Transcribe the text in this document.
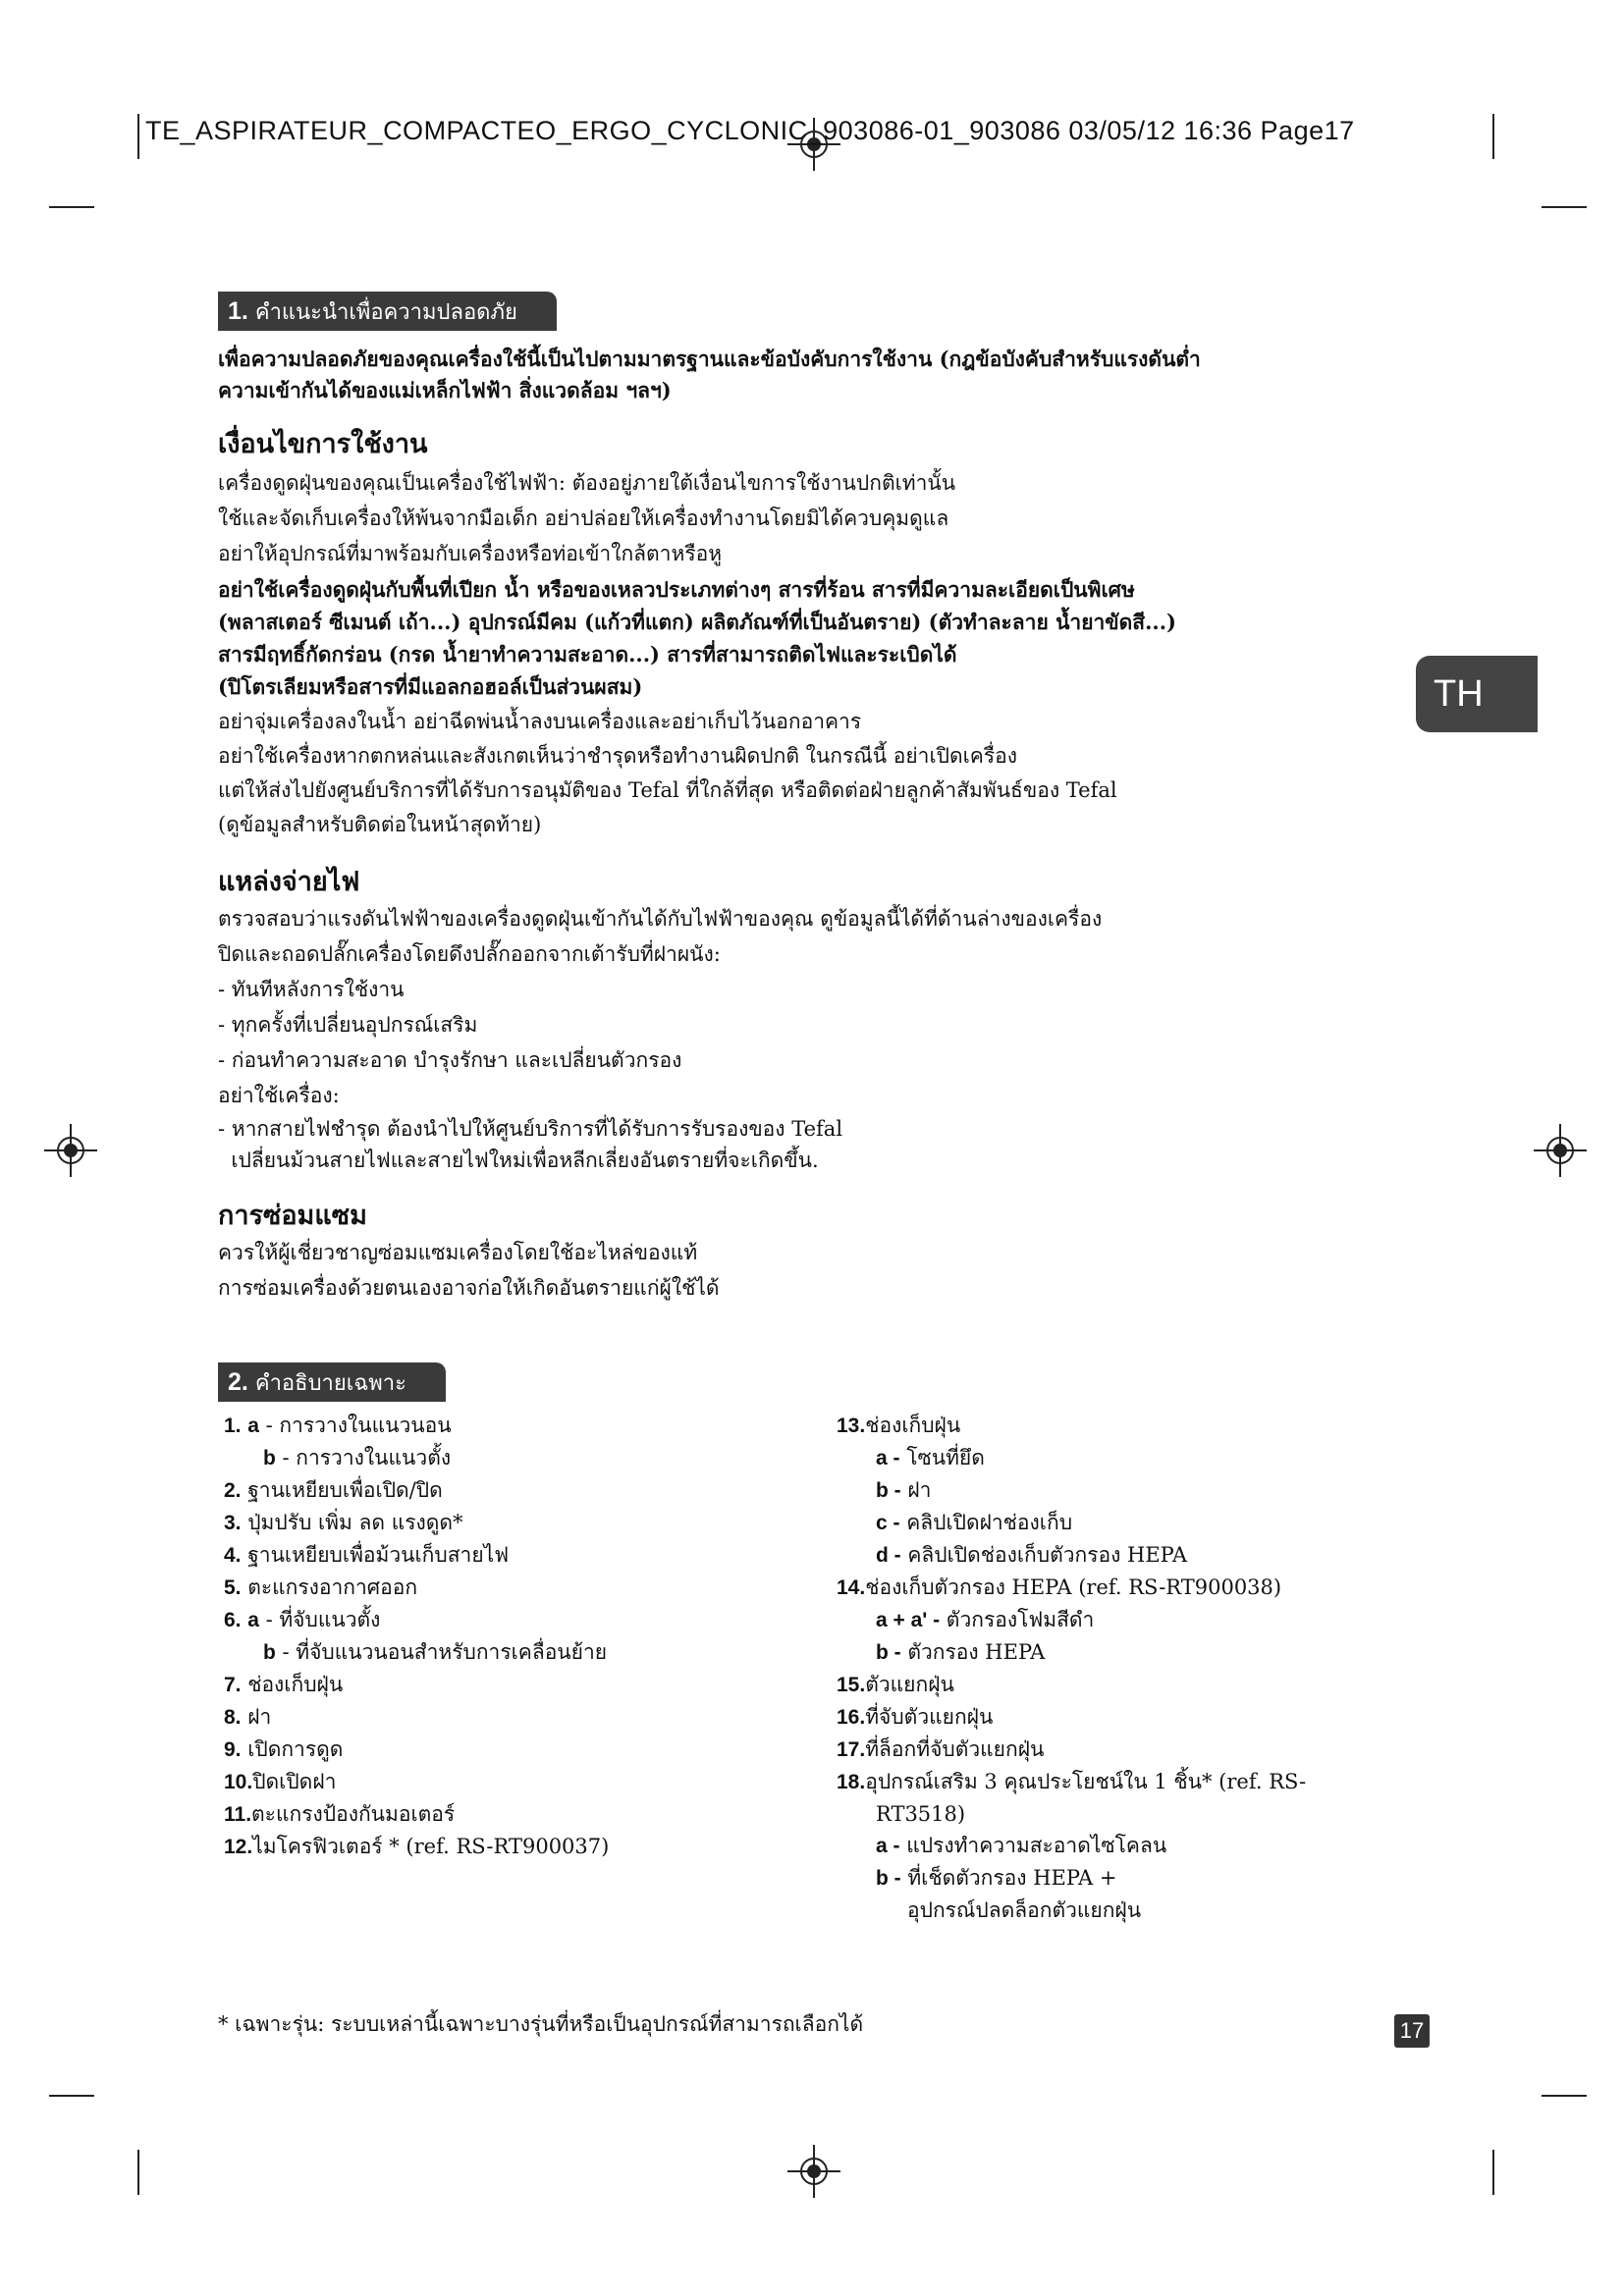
TE_ASPIRATEUR_COMPACTEO_ERGO_CYCLONIC_903086-01_903086 03/05/12 16:36 Page17
TH
1. คำแนะนำเพื่อความปลอดภัย

เพื่อความปลอดภัยของคุณเครื่องใช้นี้เป็นไปตามมาตรฐานและข้อบังคับการใช้งาน (กฎข้อบังคับสำหรับแรงดันต่ำ

ความเข้ากันได้ของแม่เหล็กไฟฟ้า สิ่งแวดล้อม ฯลฯ)

เงื่อนไขการใช้งาน

เครื่องดูดฝุ่นของคุณเป็นเครื่องใช้ไฟฟ้า: ต้องอยู่ภายใต้เงื่อนไขการใช้งานปกติเท่านั้น

ใช้และจัดเก็บเครื่องให้พ้นจากมือเด็ก อย่าปล่อยให้เครื่องทำงานโดยมิได้ควบคุมดูแล

อย่าให้อุปกรณ์ที่มาพร้อมกับเครื่องหรือท่อเข้าใกล้ตาหรือหู

อย่าใช้เครื่องดูดฝุ่นกับพื้นที่เปียก น้ำ หรือของเหลวประเภทต่างๆ สารที่ร้อน สารที่มีความละเอียดเป็นพิเศษ

(พลาสเตอร์ ซีเมนต์ เถ้า...) อุปกรณ์มีคม (แก้วที่แตก) ผลิตภัณฑ์ที่เป็นอันตราย) (ตัวทำละลาย น้ำยาขัดสี...)

สารมีฤทธิ์กัดกร่อน (กรด น้ำยาทำความสะอาด...) สารที่สามารถติดไฟและระเบิดได้

(ปิโตรเลียมหรือสารที่มีแอลกอฮอล์เป็นส่วนผสม)

อย่าจุ่มเครื่องลงในน้ำ อย่าฉีดพ่นน้ำลงบนเครื่องและอย่าเก็บไว้นอกอาคาร

อย่าใช้เครื่องหากตกหล่นและสังเกตเห็นว่าชำรุดหรือทำงานผิดปกติ ในกรณีนี้ อย่าเปิดเครื่อง

แต่ให้ส่งไปยังศูนย์บริการที่ได้รับการอนุมัติของ Tefal ที่ใกล้ที่สุด หรือติดต่อฝ่ายลูกค้าสัมพันธ์ของ Tefal

(ดูข้อมูลสำหรับติดต่อในหน้าสุดท้าย)

แหล่งจ่ายไฟ

ตรวจสอบว่าแรงดันไฟฟ้าของเครื่องดูดฝุ่นเข้ากันได้กับไฟฟ้าของคุณ ดูข้อมูลนี้ได้ที่ด้านล่างของเครื่อง

ปิดและถอดปลั๊กเครื่องโดยดึงปลั๊กออกจากเต้ารับที่ฝาผนัง:

- ทันทีหลังการใช้งาน

- ทุกครั้งที่เปลี่ยนอุปกรณ์เสริม

- ก่อนทำความสะอาด บำรุงรักษา และเปลี่ยนตัวกรอง

อย่าใช้เครื่อง:

- หากสายไฟชำรุด ต้องนำไปให้ศูนย์บริการที่ได้รับการรับรองของ Tefal

เปลี่ยนม้วนสายไฟและสายไฟใหม่เพื่อหลีกเลี่ยงอันตรายที่จะเกิดขึ้น.

การซ่อมแซม

ควรให้ผู้เชี่ยวชาญซ่อมแซมเครื่องโดยใช้อะไหล่ของแท้

การซ่อมเครื่องด้วยตนเองอาจก่อให้เกิดอันตรายแก่ผู้ใช้ได้

2. คำอธิบายเฉพาะ
1. a - การวางในแนวนอน
b - การวางในแนวตั้ง
2. ฐานเหยียบเพื่อเปิด/ปิด
3. ปุ่มปรับ เพิ่ม ลด แรงดูด*
4. ฐานเหยียบเพื่อม้วนเก็บสายไฟ
5. ตะแกรงอากาศออก
6. a - ที่จับแนวตั้ง
b - ที่จับแนวนอนสำหรับการเคลื่อนย้าย
7. ช่องเก็บฝุ่น
8. ฝา
9. เปิดการดูด
10.ปิดเปิดฝา
11.ตะแกรงป้องกันมอเตอร์
12.ไมโครฟิวเตอร์ * (ref. RS-RT900037)
13.ช่องเก็บฝุ่น
a - โซนที่ยึด
b - ฝา
c - คลิปเปิดฝาช่องเก็บ
d - คลิปเปิดช่องเก็บตัวกรอง HEPA
14.ช่องเก็บตัวกรอง HEPA (ref. RS-RT900038)
a + a' - ตัวกรองโฟมสีดำ
b - ตัวกรอง HEPA
15.ตัวแยกฝุ่น
16.ที่จับตัวแยกฝุ่น
17.ที่ล็อกที่จับตัวแยกฝุ่น
18.อุปกรณ์เสริม 3 คุณประโยชน์ใน 1 ชิ้น* (ref. RS-
RT3518)
a - แปรงทำความสะอาดไซโคลน
b - ที่เช็ดตัวกรอง HEPA +
อุปกรณ์ปลดล็อกตัวแยกฝุ่น
* เฉพาะรุ่น: ระบบเหล่านี้เฉพาะบางรุ่นที่หรือเป็นอุปกรณ์ที่สามารถเลือกได้	17
